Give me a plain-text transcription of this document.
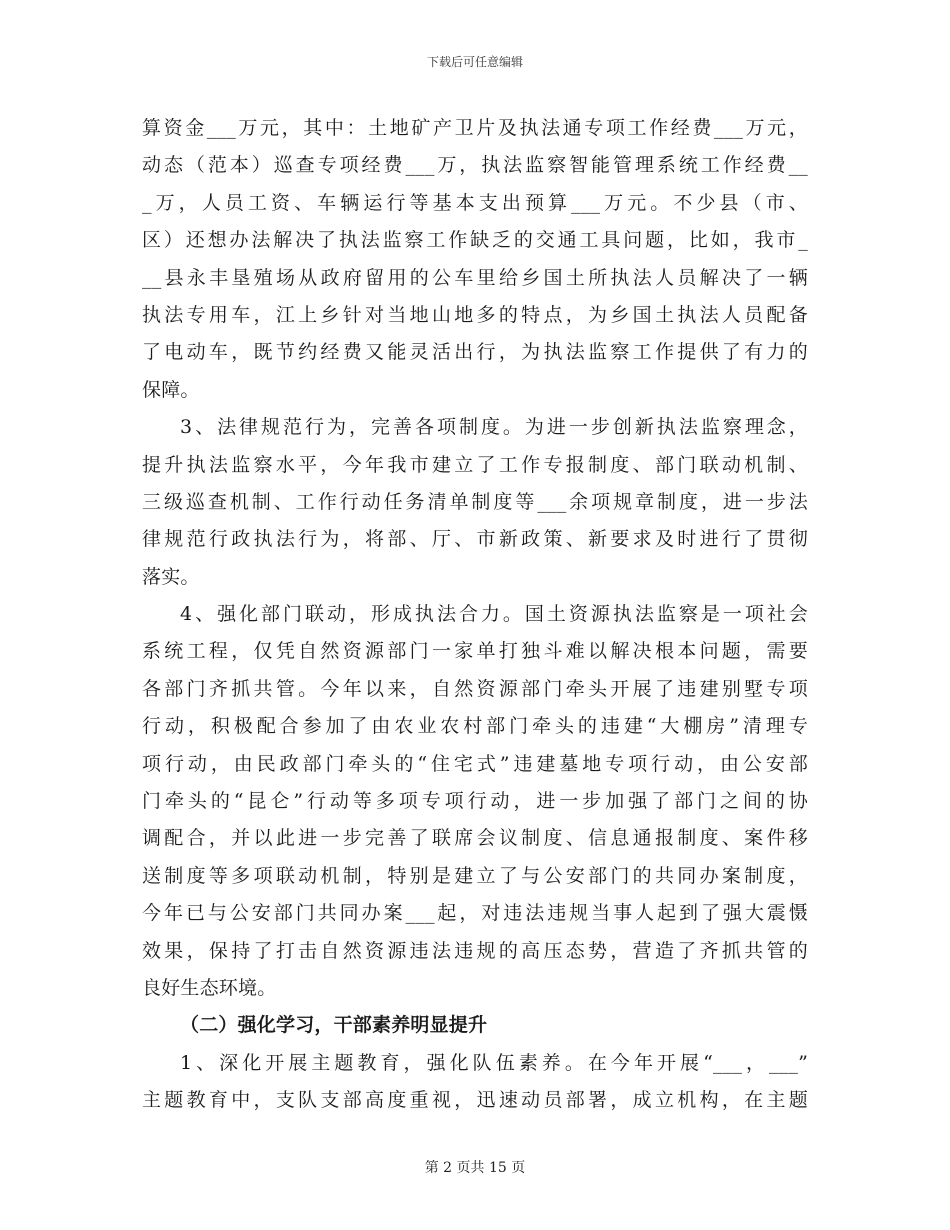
下载后可任意编辑
算资金___万元，其中：土地矿产卫片及执法通专项工作经费___万元，
动态（范本）巡查专项经费___万，执法监察智能管理系统工作经费__
_万，人员工资、车辆运行等基本支出预算___万元。不少县（市、
区）还想办法解决了执法监察工作缺乏的交通工具问题，比如，我市_
__县永丰垦殖场从政府留用的公车里给乡国土所执法人员解决了一辆
执法专用车，江上乡针对当地山地多的特点，为乡国土执法人员配备
了电动车，既节约经费又能灵活出行，为执法监察工作提供了有力的
保障。
3、法律规范行为，完善各项制度。为进一步创新执法监察理念，
提升执法监察水平，今年我市建立了工作专报制度、部门联动机制、
三级巡查机制、工作行动任务清单制度等___余项规章制度，进一步法
律规范行政执法行为，将部、厅、市新政策、新要求及时进行了贯彻
落实。
4、强化部门联动，形成执法合力。国土资源执法监察是一项社会
系统工程，仅凭自然资源部门一家单打独斗难以解决根本问题，需要
各部门齐抓共管。今年以来，自然资源部门牵头开展了违建别墅专项
行动，积极配合参加了由农业农村部门牵头的违建“大棚房”清理专
项行动，由民政部门牵头的“住宅式”违建墓地专项行动，由公安部
门牵头的“昆仑”行动等多项专项行动，进一步加强了部门之间的协
调配合，并以此进一步完善了联席会议制度、信息通报制度、案件移
送制度等多项联动机制，特别是建立了与公安部门的共同办案制度，
今年已与公安部门共同办案___起，对违法违规当事人起到了强大震慑
效果，保持了打击自然资源违法违规的高压态势，营造了齐抓共管的
良好生态环境。
（二）强化学习，干部素养明显提升
1、深化开展主题教育，强化队伍素养。在今年开展“___，___”
主题教育中，支队支部高度重视，迅速动员部署，成立机构，在主题
第 2 页共 15 页
